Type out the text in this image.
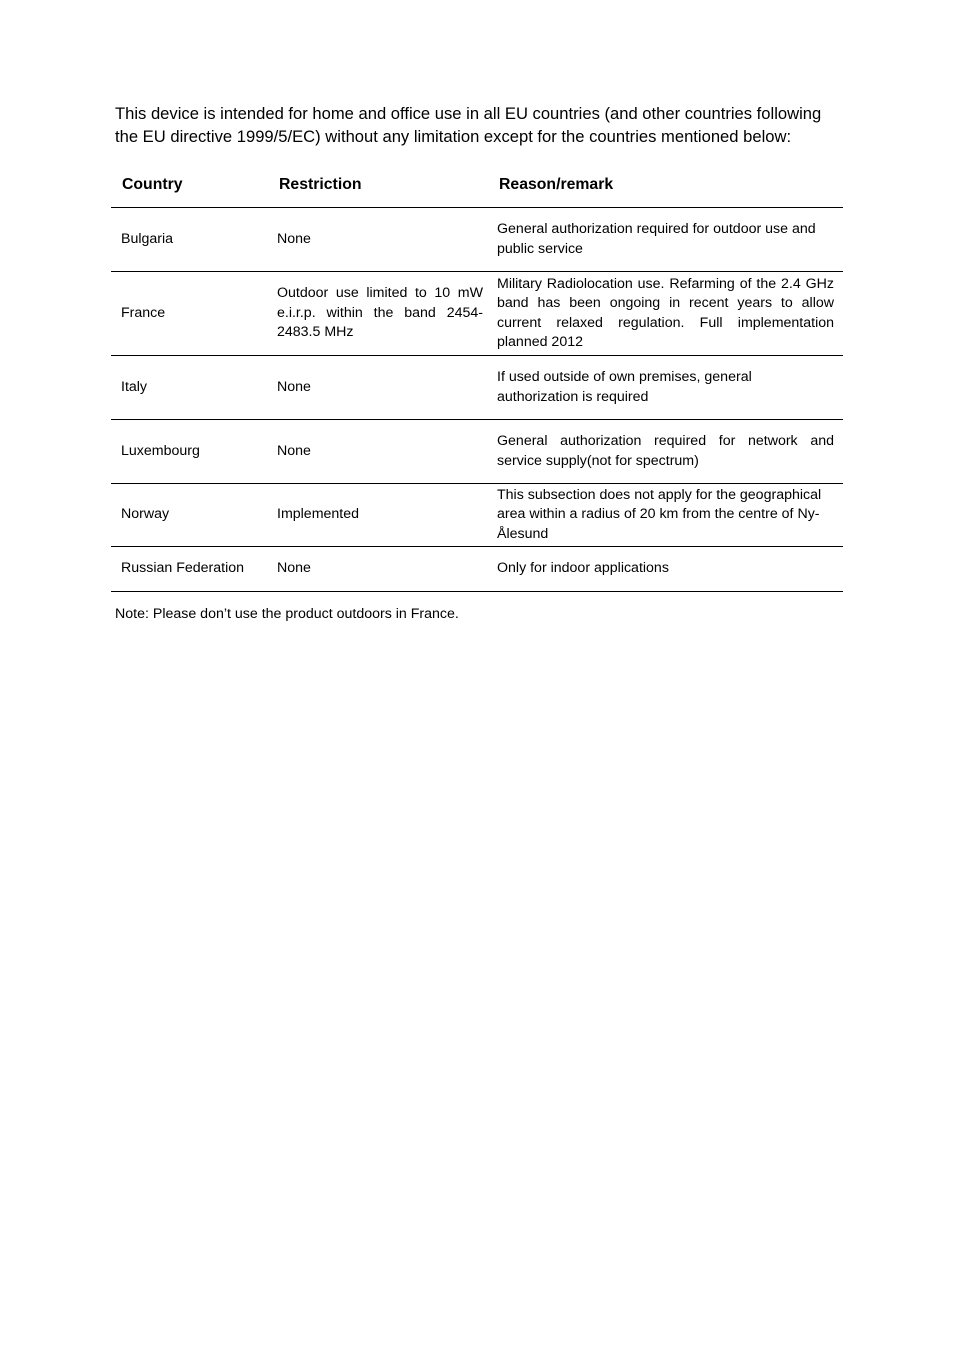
This device is intended for home and office use in all EU countries (and other countries following the EU directive 1999/5/EC) without any limitation except for the countries mentioned below:

Country	Restriction	Reason/remark
Bulgaria	None	General authorization required for outdoor use and public service
France	Outdoor use limited to 10 mW e.i.r.p. within the band 2454-2483.5 MHz	Military Radiolocation use. Refarming of the 2.4 GHz band has been ongoing in recent years to allow current relaxed regulation. Full implementation planned 2012
Italy	None	If used outside of own premises, general authorization is required
Luxembourg	None	General authorization required for network and service supply(not for spectrum)
Norway	Implemented	This subsection does not apply for the geographical area within a radius of 20 km from the centre of Ny-Ålesund
Russian Federation	None	Only for indoor applications

Note: Please don’t use the product outdoors in France.
